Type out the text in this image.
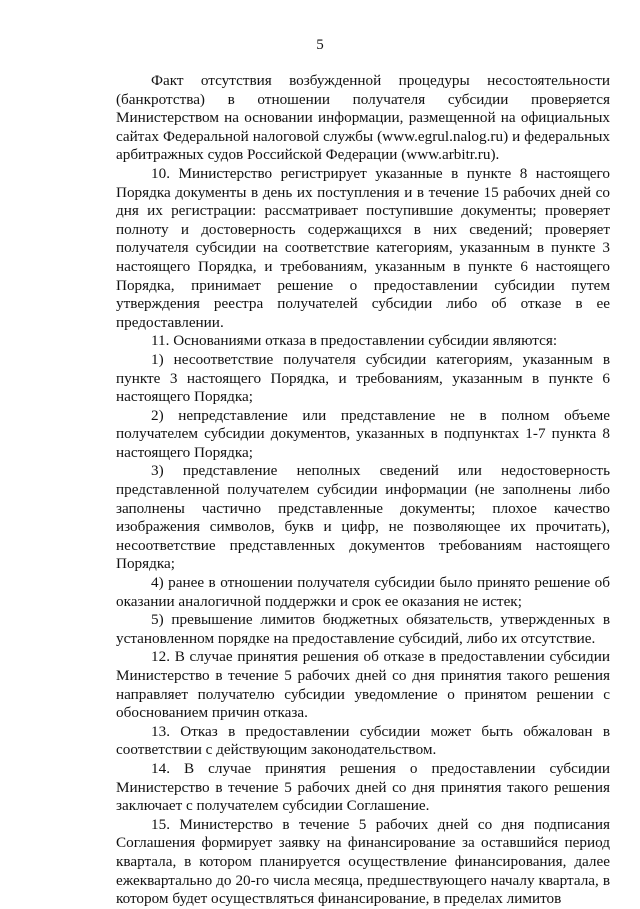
5

Факт отсутствия возбужденной процедуры несостоятельности (банкротства) в отношении получателя субсидии проверяется Министерством на основании информации, размещенной на официальных сайтах Федеральной налоговой службы (www.egrul.nalog.ru) и федеральных арбитражных судов Российской Федерации (www.arbitr.ru).

10. Министерство регистрирует указанные в пункте 8 настоящего Порядка документы в день их поступления и в течение 15 рабочих дней со дня их регистрации: рассматривает поступившие документы; проверяет полноту и достоверность содержащихся в них сведений; проверяет получателя субсидии на соответствие категориям, указанным в пункте 3 настоящего Порядка, и требованиям, указанным в пункте 6 настоящего Порядка, принимает решение о предоставлении субсидии путем утверждения реестра получателей субсидии либо об отказе в ее предоставлении.

11. Основаниями отказа в предоставлении субсидии являются:

1) несоответствие получателя субсидии категориям, указанным в пункте 3 настоящего Порядка, и требованиям, указанным в пункте 6 настоящего Порядка;

2) непредставление или представление не в полном объеме получателем субсидии документов, указанных в подпунктах 1-7 пункта 8 настоящего Порядка;

3) представление неполных сведений или недостоверность представленной получателем субсидии информации (не заполнены либо заполнены частично представленные документы; плохое качество изображения символов, букв и цифр, не позволяющее их прочитать), несоответствие представленных документов требованиям настоящего Порядка;

4) ранее в отношении получателя субсидии было принято решение об оказании аналогичной поддержки и срок ее оказания не истек;

5) превышение лимитов бюджетных обязательств, утвержденных в установленном порядке на предоставление субсидий, либо их отсутствие.

12. В случае принятия решения об отказе в предоставлении субсидии Министерство в течение 5 рабочих дней со дня принятия такого решения направляет получателю субсидии уведомление о принятом решении с обоснованием причин отказа.

13. Отказ в предоставлении субсидии может быть обжалован в соответствии с действующим законодательством.

14. В случае принятия решения о предоставлении субсидии Министерство в течение 5 рабочих дней со дня принятия такого решения заключает с получателем субсидии Соглашение.

15. Министерство в течение 5 рабочих дней со дня подписания Соглашения формирует заявку на финансирование за оставшийся период квартала, в котором планируется осуществление финансирования, далее ежеквартально до 20-го числа месяца, предшествующего началу квартала, в котором будет осуществляться финансирование, в пределах лимитов
